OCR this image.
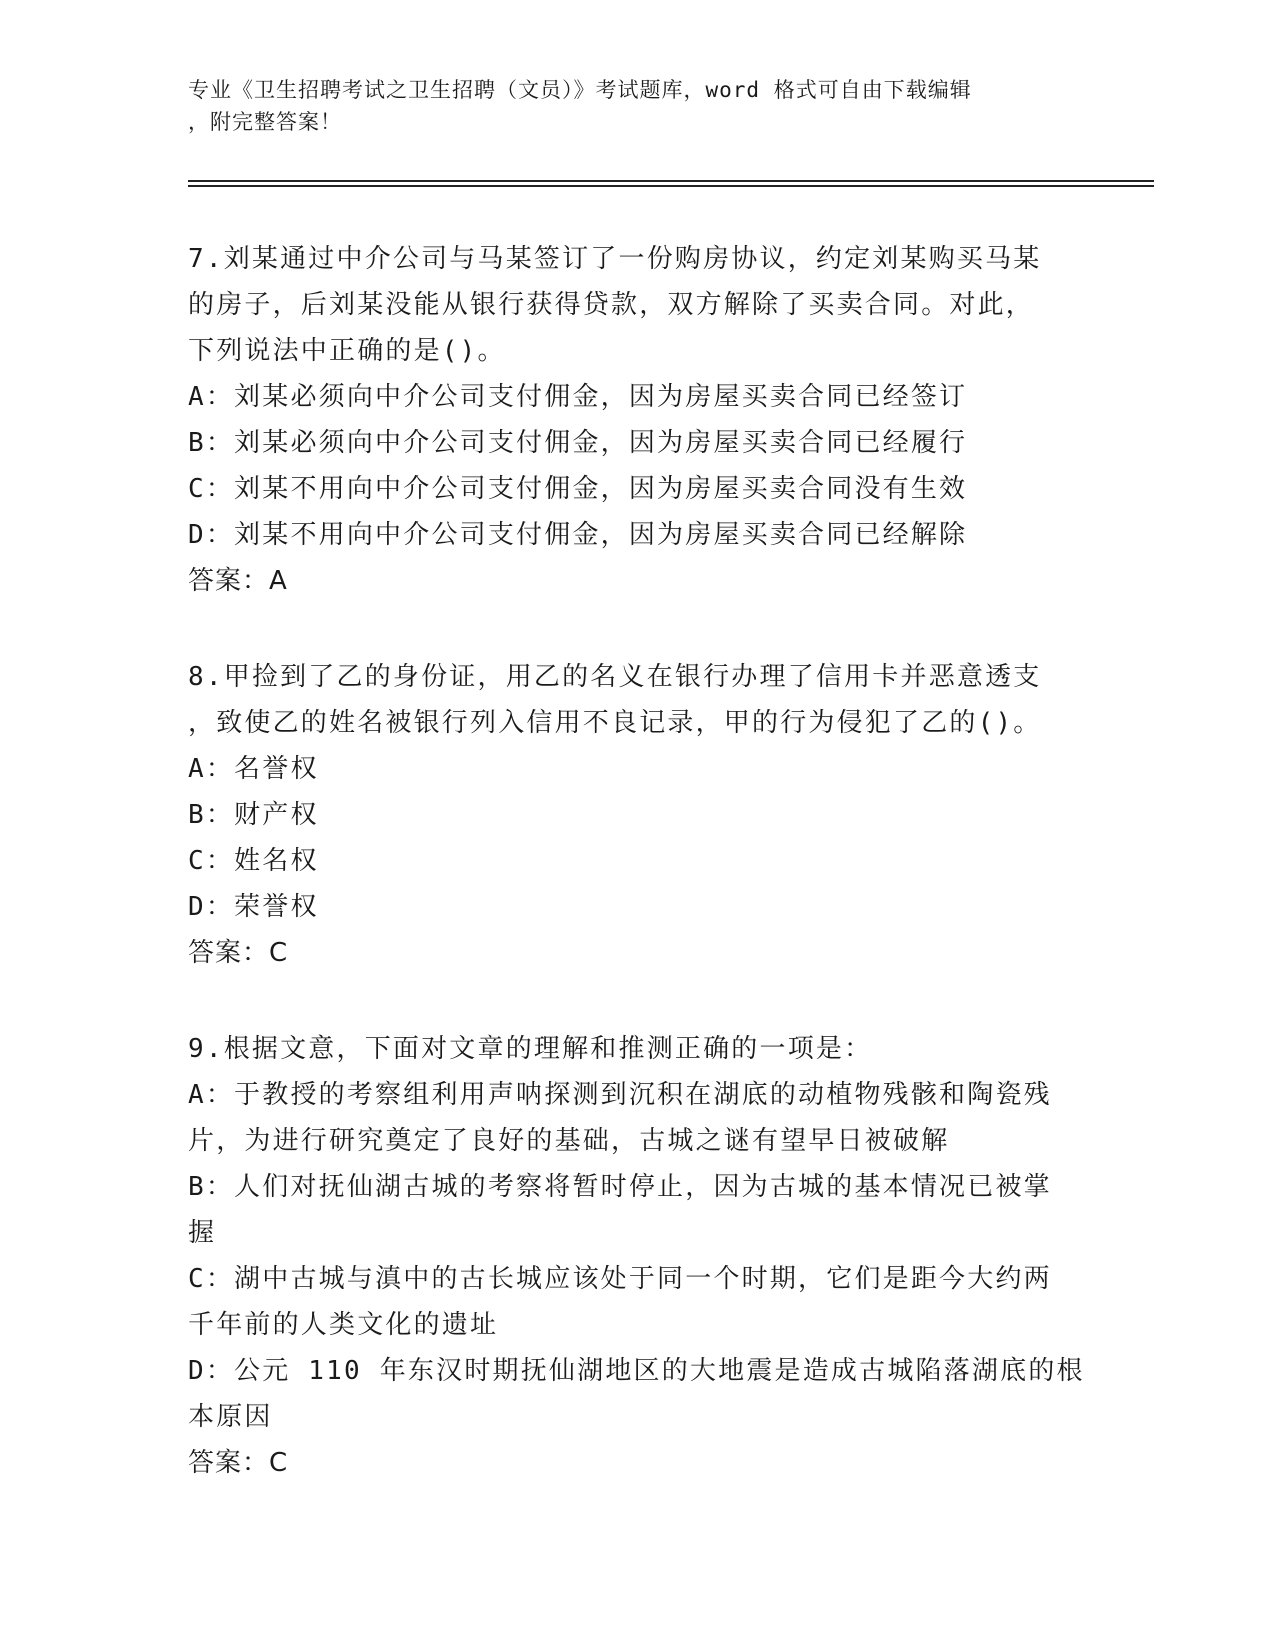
专业《卫生招聘考试之卫生招聘（文员）》考试题库，word 格式可自由下载编辑
，附完整答案！
7.刘某通过中介公司与马某签订了一份购房协议，约定刘某购买马某
的房子，后刘某没能从银行获得贷款，双方解除了买卖合同。对此，
下列说法中正确的是()。
A：刘某必须向中介公司支付佣金，因为房屋买卖合同已经签订
B：刘某必须向中介公司支付佣金，因为房屋买卖合同已经履行
C：刘某不用向中介公司支付佣金，因为房屋买卖合同没有生效
D：刘某不用向中介公司支付佣金，因为房屋买卖合同已经解除
答案：A
8.甲捡到了乙的身份证，用乙的名义在银行办理了信用卡并恶意透支
，致使乙的姓名被银行列入信用不良记录，甲的行为侵犯了乙的()。
A：名誉权
B：财产权
C：姓名权
D：荣誉权
答案：C
9.根据文意，下面对文章的理解和推测正确的一项是：
A：于教授的考察组利用声呐探测到沉积在湖底的动植物残骸和陶瓷残
片，为进行研究奠定了良好的基础，古城之谜有望早日被破解
B：人们对抚仙湖古城的考察将暂时停止，因为古城的基本情况已被掌
握
C：湖中古城与滇中的古长城应该处于同一个时期，它们是距今大约两
千年前的人类文化的遗址
D：公元 110 年东汉时期抚仙湖地区的大地震是造成古城陷落湖底的根
本原因
答案：C
